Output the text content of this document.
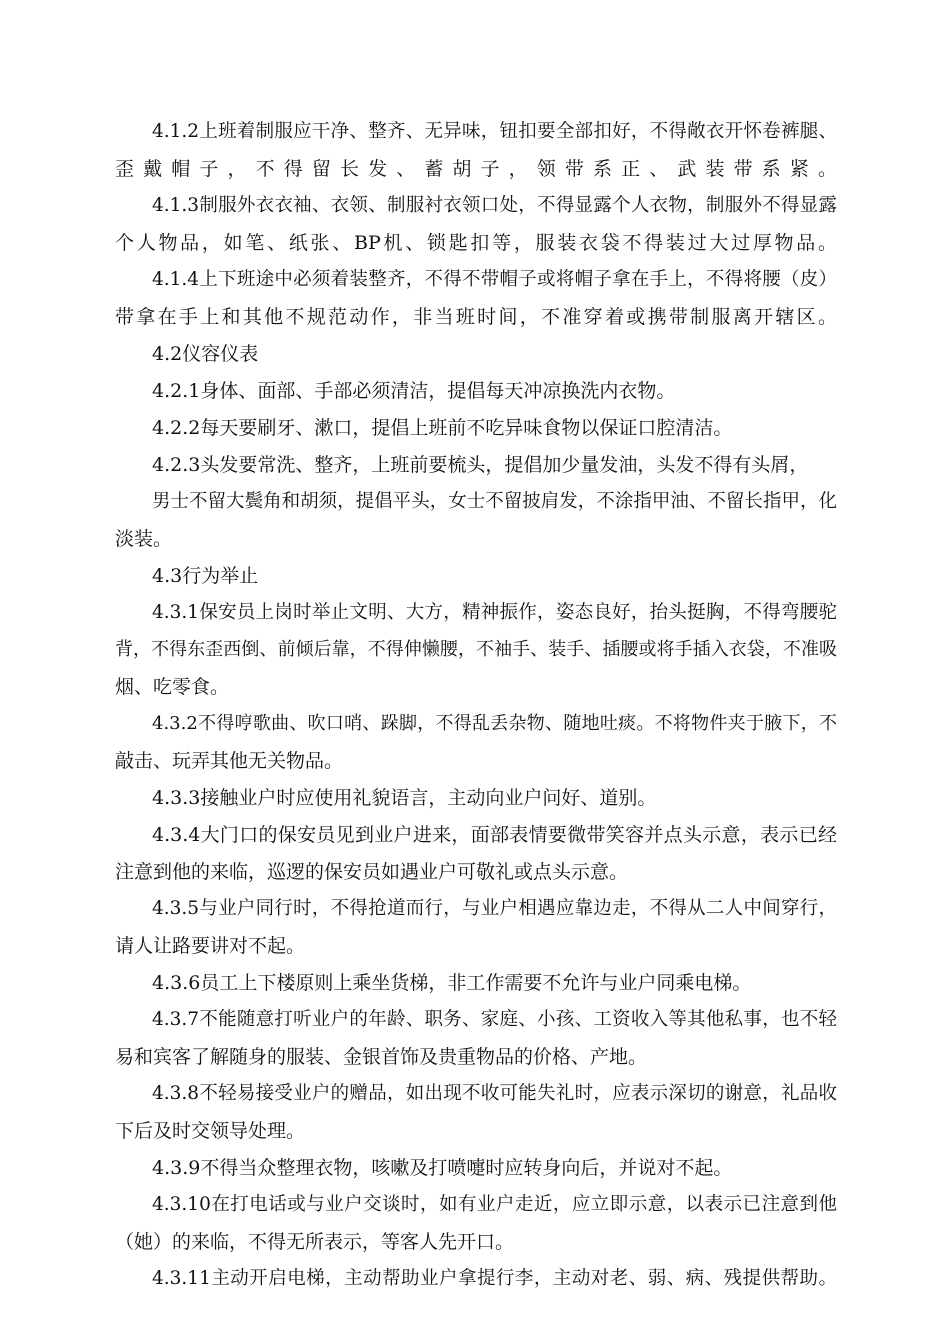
4.1.2上班着制服应干净、整齐、无异味，钮扣要全部扣好，不得敞衣开怀卷裤腿、
歪戴帽子，不得留长发、蓄胡子，领带系正、武装带系紧。
4.1.3制服外衣衣袖、衣领、制服衬衣领口处，不得显露个人衣物，制服外不得显露
个人物品，如笔、纸张、BP机、锁匙扣等，服装衣袋不得装过大过厚物品。
4.1.4上下班途中必须着装整齐，不得不带帽子或将帽子拿在手上，不得将腰（皮）
带拿在手上和其他不规范动作，非当班时间，不准穿着或携带制服离开辖区。
4.2仪容仪表
4.2.1身体、面部、手部必须清洁，提倡每天冲凉换洗内衣物。
4.2.2每天要刷牙、漱口，提倡上班前不吃异味食物以保证口腔清洁。
4.2.3头发要常洗、整齐，上班前要梳头，提倡加少量发油，头发不得有头屑，
男士不留大鬓角和胡须，提倡平头，女士不留披肩发，不涂指甲油、不留长指甲，化
淡装。
4.3行为举止
4.3.1保安员上岗时举止文明、大方，精神振作，姿态良好，抬头挺胸，不得弯腰驼
背，不得东歪西倒、前倾后靠，不得伸懒腰，不袖手、装手、插腰或将手插入衣袋，不准吸
烟、吃零食。
4.3.2不得哼歌曲、吹口哨、跺脚，不得乱丢杂物、随地吐痰。不将物件夹于腋下，不
敲击、玩弄其他无关物品。
4.3.3接触业户时应使用礼貌语言，主动向业户问好、道别。
4.3.4大门口的保安员见到业户进来，面部表情要微带笑容并点头示意，表示已经
注意到他的来临，巡逻的保安员如遇业户可敬礼或点头示意。
4.3.5与业户同行时，不得抢道而行，与业户相遇应靠边走，不得从二人中间穿行，
请人让路要讲对不起。
4.3.6员工上下楼原则上乘坐货梯，非工作需要不允许与业户同乘电梯。
4.3.7不能随意打听业户的年龄、职务、家庭、小孩、工资收入等其他私事，也不轻
易和宾客了解随身的服装、金银首饰及贵重物品的价格、产地。
4.3.8不轻易接受业户的赠品，如出现不收可能失礼时，应表示深切的谢意，礼品收
下后及时交领导处理。
4.3.9不得当众整理衣物，咳嗽及打喷嚏时应转身向后，并说对不起。
4.3.10在打电话或与业户交谈时，如有业户走近，应立即示意，以表示已注意到他
（她）的来临，不得无所表示，等客人先开口。
4.3.11主动开启电梯，主动帮助业户拿提行李，主动对老、弱、病、残提供帮助。
